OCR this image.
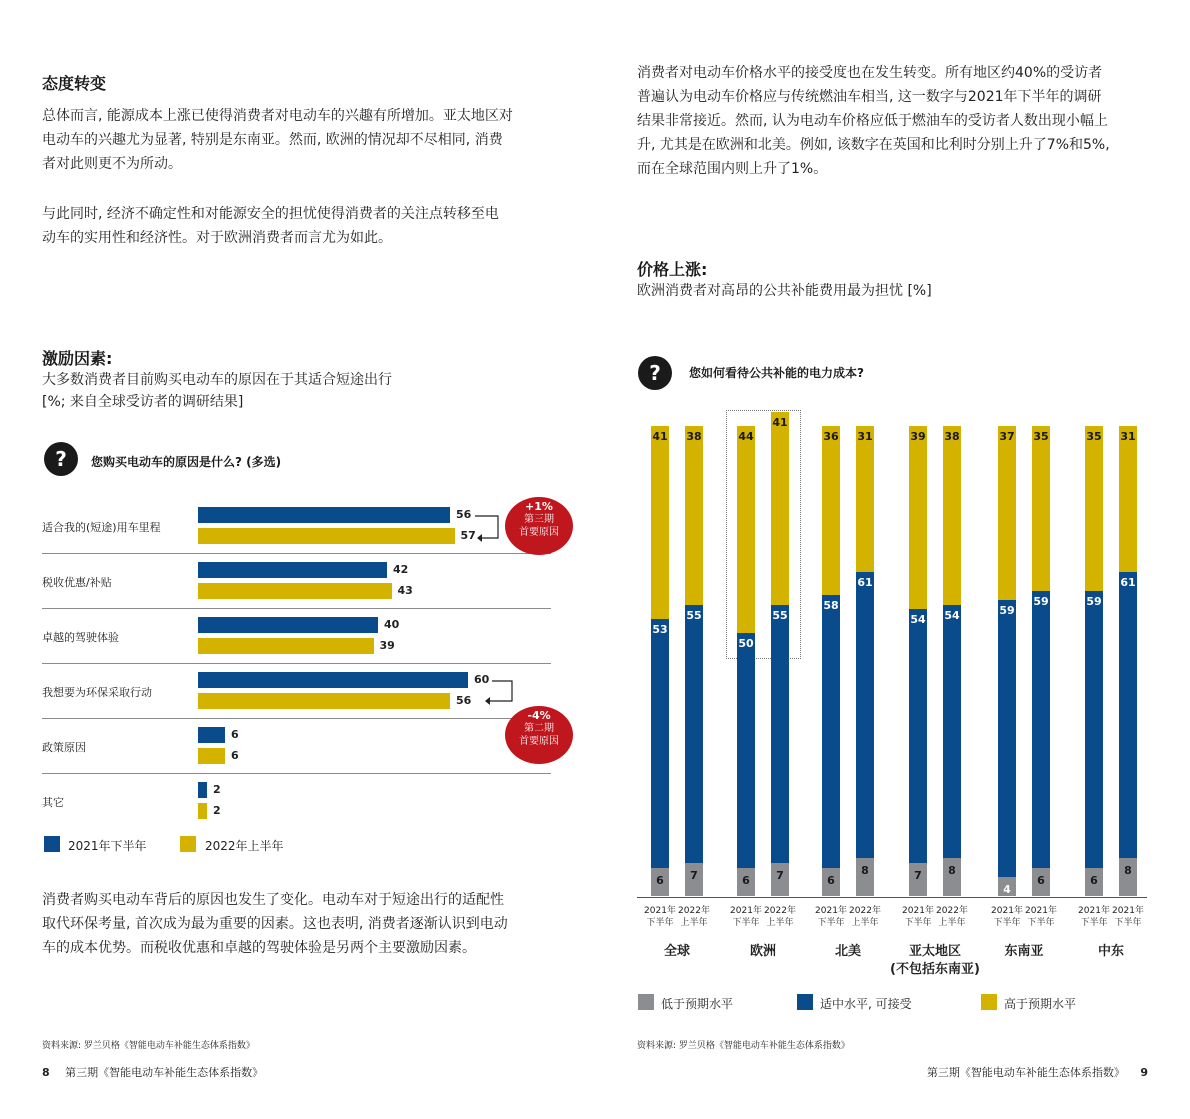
态度转变
总体而言, 能源成本上涨已使得消费者对电动车的兴趣有所增加。亚太地区对
电动车的兴趣尤为显著, 特别是东南亚。然而, 欧洲的情况却不尽相同, 消费
者对此则更不为所动。
与此同时, 经济不确定性和对能源安全的担忧使得消费者的关注点转移至电
动车的实用性和经济性。对于欧洲消费者而言尤为如此。
激励因素:
大多数消费者目前购买电动车的原因在于其适合短途出行
[%; 来自全球受访者的调研结果]
?	您购买电动车的原因是什么? (多选)
适合我的(短途)用车里程
56
57
税收优惠/补贴
42
43
卓越的驾驶体验
40
39
我想要为环保采取行动
60
56
政策原因
6
6
其它
2
2
+1%
第三期
首要原因
-4%
第二期
首要原因
2021年下半年	2022年上半年
消费者购买电动车背后的原因也发生了变化。电动车对于短途出行的适配性
取代环保考量, 首次成为最为重要的因素。这也表明, 消费者逐渐认识到电动
车的成本优势。而税收优惠和卓越的驾驶体验是另两个主要激励因素。
资料来源: 罗兰贝格《智能电动车补能生态体系指数》
8 第三期《智能电动车补能生态体系指数》
消费者对电动车价格水平的接受度也在发生转变。所有地区约40%的受访者
普遍认为电动车价格应与传统燃油车相当, 这一数字与2021年下半年的调研
结果非常接近。然而, 认为电动车价格应低于燃油车的受访者人数出现小幅上
升, 尤其是在欧洲和北美。例如, 该数字在英国和比利时分别上升了7%和5%,
而在全球范围内则上升了1%。
价格上涨:
欧洲消费者对高昂的公共补能费用最为担忧 [%]
?	您如何看待公共补能的电力成本?
41
53
6
2021年
下半年
38
55
7
2022年
上半年
全球
44
50
6
2021年
下半年
41
55
7
2022年
上半年
欧洲
36
58
6
2021年
下半年
31
61
8
2022年
上半年
北美
39
54
7
2021年
下半年
38
54
8
2022年
上半年
亚太地区
(不包括东南亚)
37
59
4
2021年
下半年
35
59
6
2021年
下半年
东南亚
35
59
6
2021年
下半年
31
61
8
2021年
下半年
中东
低于预期水平	适中水平, 可接受	高于预期水平
资料来源: 罗兰贝格《智能电动车补能生态体系指数》
第三期《智能电动车补能生态体系指数》 9
